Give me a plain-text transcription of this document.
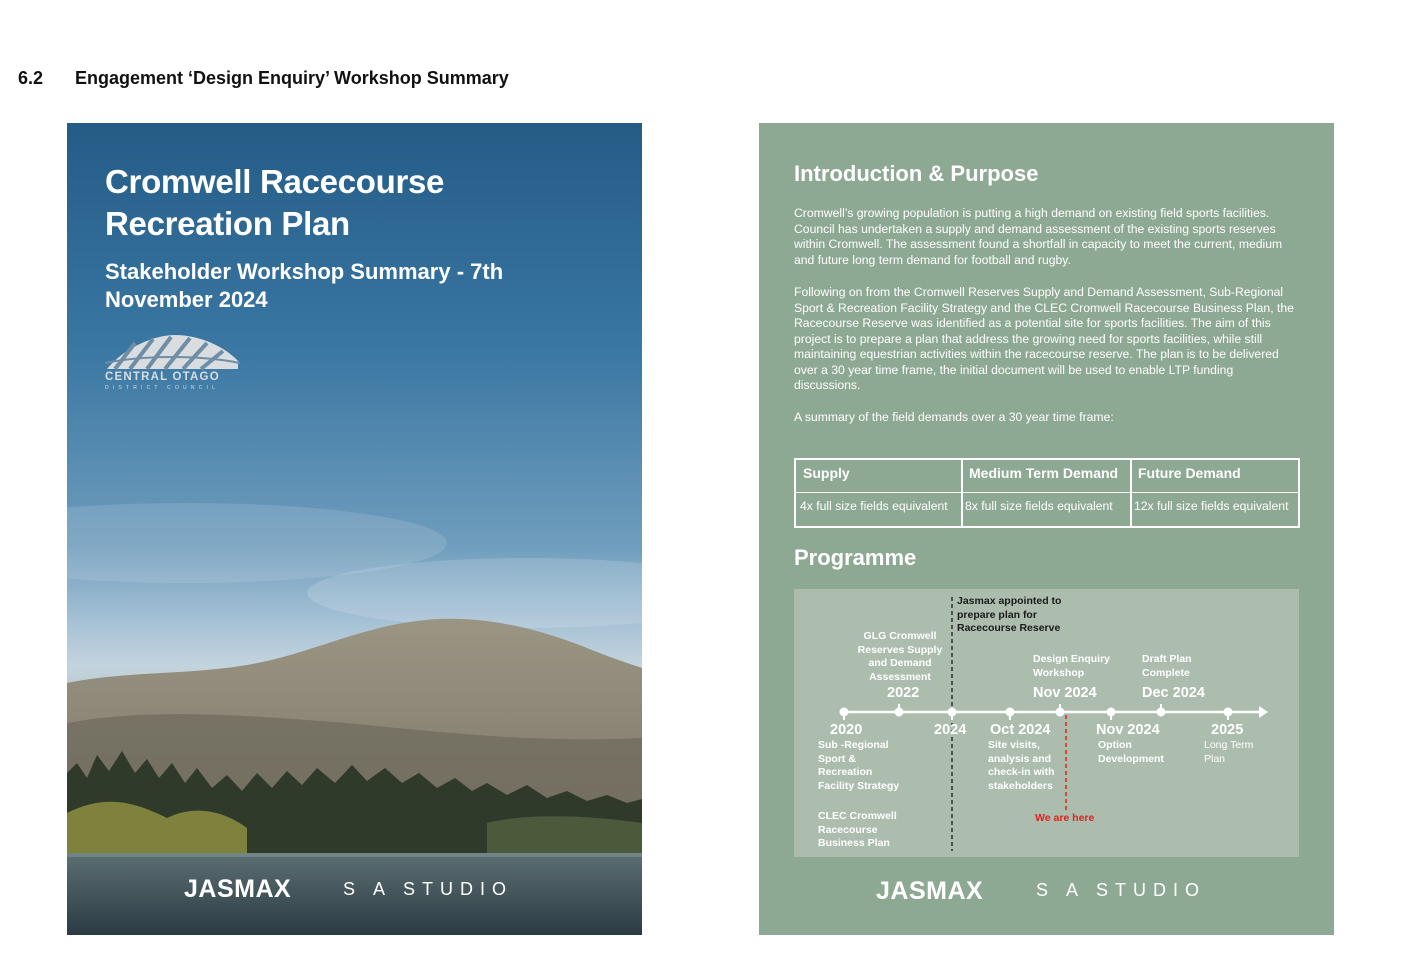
6.2 Engagement ‘Design Enquiry’ Workshop Summary
Cromwell Racecourse Recreation Plan
Stakeholder Workshop Summary - 7th November 2024
CENTRAL OTAGO
DISTRICT COUNCIL
JASMAX	S A STUDIO
Introduction & Purpose
Cromwell’s growing population is putting a high demand on existing field sports facilities. Council has undertaken a supply and demand assessment of the existing sports reserves within Cromwell. The assessment found a shortfall in capacity to meet the current, medium and future long term demand for football and rugby.
Following on from the Cromwell Reserves Supply and Demand Assessment, Sub-Regional Sport & Recreation Facility Strategy and the CLEC Cromwell Racecourse Business Plan, the Racecourse Reserve was identified as a potential site for sports facilities. The aim of this project is to prepare a plan that address the growing need for sports facilities, while still maintaining equestrian activities within the racecourse reserve. The plan is to be delivered over a 30 year time frame, the initial document will be used to enable LTP funding discussions.
A summary of the field demands over a 30 year time frame:
Supply	Medium Term Demand	Future Demand
4x full size fields equivalent	8x full size fields equivalent	12x full size fields equivalent
Programme
GLG Cromwell Reserves Supply and Demand Assessment
2022
Design Enquiry Workshop
Nov 2024
Draft Plan Complete
Dec 2024
Jasmax appointed to prepare plan for Racecourse Reserve
2020
Sub -Regional Sport & Recreation Facility Strategy
CLEC Cromwell Racecourse Business Plan
2024 Oct 2024
Site visits, analysis and check-in with stakeholders
Nov 2024
Option Development
2025
Long Term Plan
We are here
JASMAX	S A STUDIO
